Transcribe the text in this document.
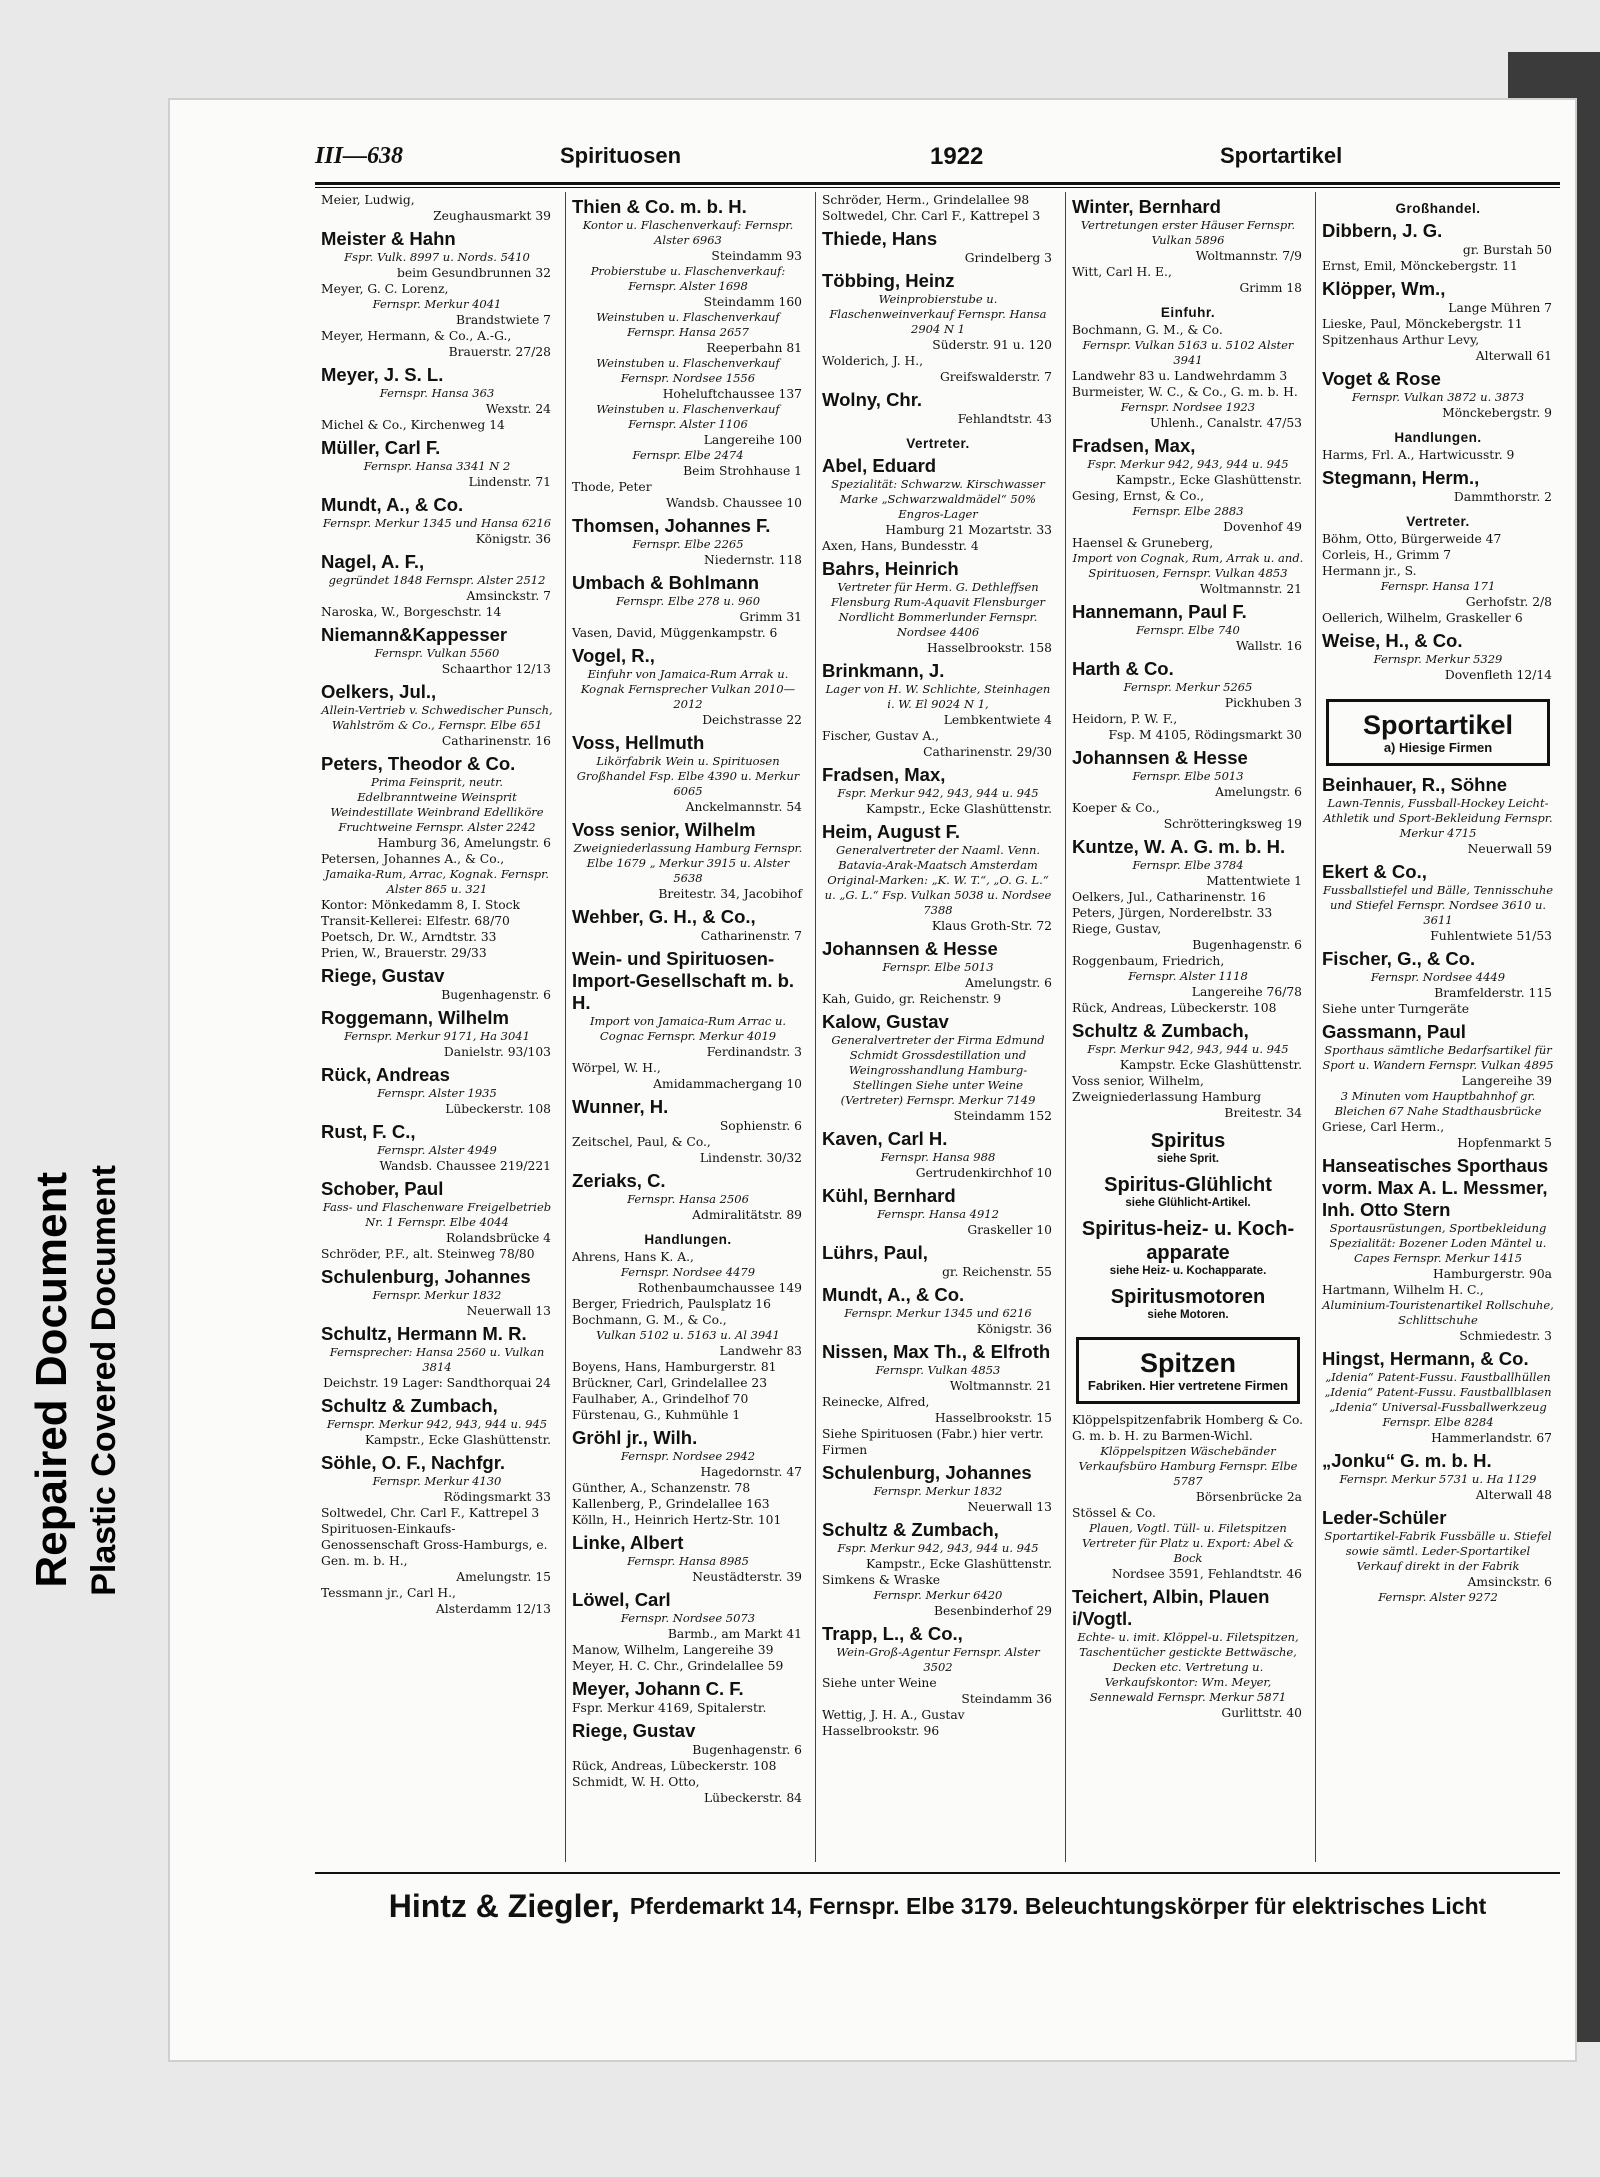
Repaired Document Plastic Covered Document
III—638	Spirituosen	1922	Sportartikel
Meier, Ludwig,
Zeughausmarkt 39
Meister & Hahn
Fspr. Vulk. 8997 u. Nords. 5410
beim Gesundbrunnen 32
Meyer, G. C. Lorenz,
Fernspr. Merkur 4041
Brandstwiete 7
Meyer, Hermann, & Co., A.-G.,
Brauerstr. 27/28
Meyer, J. S. L.
Fernspr. Hansa 363
Wexstr. 24
Michel & Co., Kirchenweg 14
Müller, Carl F.
Fernspr. Hansa 3341 N 2
Lindenstr. 71
Mundt, A., & Co.
Fernspr. Merkur 1345 und Hansa 6216
Königstr. 36
Nagel, A. F.,
gegründet 1848 Fernspr. Alster 2512
Amsinckstr. 7
Naroska, W., Borgeschstr. 14
Niemann&Kappesser
Fernspr. Vulkan 5560
Schaarthor 12/13
Oelkers, Jul.,
Allein-Vertrieb v. Schwedischer Punsch, Wahlström & Co., Fernspr. Elbe 651
Catharinenstr. 16
Peters, Theodor & Co.
Prima Feinsprit, neutr. Edelbranntweine Weinsprit Weindestillate Weinbrand Edelliköre Fruchtweine Fernspr. Alster 2242
Hamburg 36, Amelungstr. 6
Petersen, Johannes A., & Co.,
Jamaika-Rum, Arrac, Kognak. Fernspr. Alster 865 u. 321
Kontor: Mönkedamm 8, I. Stock Transit-Kellerei: Elfestr. 68/70
Poetsch, Dr. W., Arndtstr. 33
Prien, W., Brauerstr. 29/33
Riege, Gustav
Bugenhagenstr. 6
Roggemann, Wilhelm
Fernspr. Merkur 9171, Ha 3041
Danielstr. 93/103
Rück, Andreas
Fernspr. Alster 1935
Lübeckerstr. 108
Rust, F. C.,
Fernspr. Alster 4949
Wandsb. Chaussee 219/221
Schober, Paul
Fass- und Flaschenware Freigelbetrieb Nr. 1 Fernspr. Elbe 4044
Rolandsbrücke 4
Schröder, P.F., alt. Steinweg 78/80
Schulenburg, Johannes
Fernspr. Merkur 1832
Neuerwall 13
Schultz, Hermann M. R.
Fernsprecher: Hansa 2560 u. Vulkan 3814
Deichstr. 19 Lager: Sandthorquai 24
Schultz & Zumbach,
Fernspr. Merkur 942, 943, 944 u. 945
Kampstr., Ecke Glashüttenstr.
Söhle, O. F., Nachfgr.
Fernspr. Merkur 4130
Rödingsmarkt 33
Soltwedel, Chr. Carl F., Kattrepel 3
Spirituosen-Einkaufs-Genossenschaft Gross-Hamburgs, e. Gen. m. b. H.,
Amelungstr. 15
Tessmann jr., Carl H.,
Alsterdamm 12/13
Thien & Co. m. b. H.
Kontor u. Flaschenverkauf: Fernspr. Alster 6963
Steindamm 93
Probierstube u. Flaschenverkauf: Fernspr. Alster 1698
Steindamm 160
Weinstuben u. Flaschenverkauf Fernspr. Hansa 2657
Reeperbahn 81
Weinstuben u. Flaschenverkauf Fernspr. Nordsee 1556
Hoheluftchaussee 137
Weinstuben u. Flaschenverkauf Fernspr. Alster 1106
Langereihe 100
Fernspr. Elbe 2474
Beim Strohhause 1
Thode, Peter
Wandsb. Chaussee 10
Thomsen, Johannes F.
Fernspr. Elbe 2265
Niedernstr. 118
Umbach & Bohlmann
Fernspr. Elbe 278 u. 960
Grimm 31
Vasen, David, Müggenkampstr. 6
Vogel, R.,
Einfuhr von Jamaica-Rum Arrak u. Kognak Fernsprecher Vulkan 2010—2012
Deichstrasse 22
Voss, Hellmuth
Likörfabrik Wein u. Spirituosen Großhandel Fsp. Elbe 4390 u. Merkur 6065
Anckelmannstr. 54
Voss senior, Wilhelm
Zweigniederlassung Hamburg Fernspr. Elbe 1679 „ Merkur 3915 u. Alster 5638
Breitestr. 34, Jacobihof
Wehber, G. H., & Co.,
Catharinenstr. 7
Wein- und Spirituosen-Import-Gesellschaft m. b. H.
Import von Jamaica-Rum Arrac u. Cognac Fernspr. Merkur 4019
Ferdinandstr. 3
Wörpel, W. H.,
Amidammachergang 10
Wunner, H.
Sophienstr. 6
Zeitschel, Paul, & Co.,
Lindenstr. 30/32
Zeriaks, C.
Fernspr. Hansa 2506
Admiralitätstr. 89
Handlungen.
Ahrens, Hans K. A.,
Fernspr. Nordsee 4479
Rothenbaumchaussee 149
Berger, Friedrich, Paulsplatz 16
Bochmann, G. M., & Co.,
Vulkan 5102 u. 5163 u. Al 3941
Landwehr 83
Boyens, Hans, Hamburgerstr. 81
Brückner, Carl, Grindelallee 23
Faulhaber, A., Grindelhof 70
Fürstenau, G., Kuhmühle 1
Gröhl jr., Wilh.
Fernspr. Nordsee 2942
Hagedornstr. 47
Günther, A., Schanzenstr. 78
Kallenberg, P., Grindelallee 163
Kölln, H., Heinrich Hertz-Str. 101
Linke, Albert
Fernspr. Hansa 8985
Neustädterstr. 39
Löwel, Carl
Fernspr. Nordsee 5073
Barmb., am Markt 41
Manow, Wilhelm, Langereihe 39
Meyer, H. C. Chr., Grindelallee 59
Meyer, Johann C. F.
Fspr. Merkur 4169, Spitalerstr.
Riege, Gustav
Bugenhagenstr. 6
Rück, Andreas, Lübeckerstr. 108
Schmidt, W. H. Otto,
Lübeckerstr. 84
Schröder, Herm., Grindelallee 98
Soltwedel, Chr. Carl F., Kattrepel 3
Thiede, Hans
Grindelberg 3
Többing, Heinz
Weinprobierstube u. Flaschenweinverkauf Fernspr. Hansa 2904 N 1
Süderstr. 91 u. 120
Wolderich, J. H.,
Greifswalderstr. 7
Wolny, Chr.
Fehlandtstr. 43
Vertreter.
Abel, Eduard
Spezialität: Schwarzw. Kirschwasser Marke „Schwarzwaldmädel“ 50% Engros-Lager
Hamburg 21 Mozartstr. 33
Axen, Hans, Bundesstr. 4
Bahrs, Heinrich
Vertreter für Herm. G. Dethleffsen Flensburg Rum-Aquavit Flensburger Nordlicht Bommerlunder Fernspr. Nordsee 4406
Hasselbrookstr. 158
Brinkmann, J.
Lager von H. W. Schlichte, Steinhagen i. W. El 9024 N 1,
Lembkentwiete 4
Fischer, Gustav A.,
Catharinenstr. 29/30
Fradsen, Max,
Fspr. Merkur 942, 943, 944 u. 945
Kampstr., Ecke Glashüttenstr.
Heim, August F.
Generalvertreter der Naaml. Venn. Batavia-Arak-Maatsch Amsterdam Original-Marken: „K. W. T.“, „O. G. L.“ u. „G. L.“ Fsp. Vulkan 5038 u. Nordsee 7388
Klaus Groth-Str. 72
Johannsen & Hesse
Fernspr. Elbe 5013
Amelungstr. 6
Kah, Guido, gr. Reichenstr. 9
Kalow, Gustav
Generalvertreter der Firma Edmund Schmidt Grossdestillation und Weingrosshandlung Hamburg-Stellingen Siehe unter Weine (Vertreter) Fernspr. Merkur 7149
Steindamm 152
Kaven, Carl H.
Fernspr. Hansa 988
Gertrudenkirchhof 10
Kühl, Bernhard
Fernspr. Hansa 4912
Graskeller 10
Lührs, Paul,
gr. Reichenstr. 55
Mundt, A., & Co.
Fernspr. Merkur 1345 und 6216
Königstr. 36
Nissen, Max Th., & Elfroth
Fernspr. Vulkan 4853
Woltmannstr. 21
Reinecke, Alfred,
Hasselbrookstr. 15
Siehe Spirituosen (Fabr.) hier vertr. Firmen
Schulenburg, Johannes
Fernspr. Merkur 1832
Neuerwall 13
Schultz & Zumbach,
Fspr. Merkur 942, 943, 944 u. 945
Kampstr., Ecke Glashüttenstr.
Simkens & Wraske
Fernspr. Merkur 6420
Besenbinderhof 29
Trapp, L., & Co.,
Wein-Groß-Agentur Fernspr. Alster 3502
Siehe unter Weine
Steindamm 36
Wettig, J. H. A., Gustav Hasselbrookstr. 96
Winter, Bernhard
Vertretungen erster Häuser Fernspr. Vulkan 5896
Woltmannstr. 7/9
Witt, Carl H. E.,
Grimm 18
Einfuhr.
Bochmann, G. M., & Co.
Fernspr. Vulkan 5163 u. 5102 Alster 3941
Landwehr 83 u. Landwehrdamm 3
Burmeister, W. C., & Co., G. m. b. H.
Fernspr. Nordsee 1923
Uhlenh., Canalstr. 47/53
Fradsen, Max,
Fspr. Merkur 942, 943, 944 u. 945
Kampstr., Ecke Glashüttenstr.
Gesing, Ernst, & Co.,
Fernspr. Elbe 2883
Dovenhof 49
Haensel & Gruneberg,
Import von Cognak, Rum, Arrak u. and. Spirituosen, Fernspr. Vulkan 4853
Woltmannstr. 21
Hannemann, Paul F.
Fernspr. Elbe 740
Wallstr. 16
Harth & Co.
Fernspr. Merkur 5265
Pickhuben 3
Heidorn, P. W. F.,
Fsp. M 4105, Rödingsmarkt 30
Johannsen & Hesse
Fernspr. Elbe 5013
Amelungstr. 6
Koeper & Co.,
Schrötteringksweg 19
Kuntze, W. A. G. m. b. H.
Fernspr. Elbe 3784
Mattentwiete 1
Oelkers, Jul., Catharinenstr. 16
Peters, Jürgen, Norderelbstr. 33
Riege, Gustav,
Bugenhagenstr. 6
Roggenbaum, Friedrich,
Fernspr. Alster 1118
Langereihe 76/78
Rück, Andreas, Lübeckerstr. 108
Schultz & Zumbach,
Fspr. Merkur 942, 943, 944 u. 945
Kampstr. Ecke Glashüttenstr.
Voss senior, Wilhelm, Zweigniederlassung Hamburg
Breitestr. 34
Spiritus
siehe Sprit.
Spiritus-Glühlicht
siehe Glühlicht-Artikel.
Spiritus-heiz- u. Koch-apparate
siehe Heiz- u. Kochapparate.
Spiritusmotoren
siehe Motoren.
Spitzen
Fabriken. Hier vertretene Firmen
Klöppelspitzenfabrik Homberg & Co. G. m. b. H. zu Barmen-Wichl.
Klöppelspitzen Wäschebänder Verkaufsbüro Hamburg Fernspr. Elbe 5787
Börsenbrücke 2a
Stössel & Co.
Plauen, Vogtl. Tüll- u. Filetspitzen Vertreter für Platz u. Export: Abel & Bock
Nordsee 3591, Fehlandtstr. 46
Teichert, Albin, Plauen i/Vogtl.
Echte- u. imit. Klöppel-u. Filetspitzen, Taschentücher gestickte Bettwäsche, Decken etc. Vertretung u. Verkaufskontor: Wm. Meyer, Sennewald Fernspr. Merkur 5871
Gurlittstr. 40
Großhandel.
Dibbern, J. G.
gr. Burstah 50
Ernst, Emil, Mönckebergstr. 11
Klöpper, Wm.,
Lange Mühren 7
Lieske, Paul, Mönckebergstr. 11
Spitzenhaus Arthur Levy,
Alterwall 61
Voget & Rose
Fernspr. Vulkan 3872 u. 3873
Mönckebergstr. 9
Handlungen.
Harms, Frl. A., Hartwicusstr. 9
Stegmann, Herm.,
Dammthorstr. 2
Vertreter.
Böhm, Otto, Bürgerweide 47
Corleis, H., Grimm 7
Hermann jr., S.
Fernspr. Hansa 171
Gerhofstr. 2/8
Oellerich, Wilhelm, Graskeller 6
Weise, H., & Co.
Fernspr. Merkur 5329
Dovenfleth 12/14
Sportartikel
a) Hiesige Firmen
Beinhauer, R., Söhne
Lawn-Tennis, Fussball-Hockey Leicht-Athletik und Sport-Bekleidung Fernspr. Merkur 4715
Neuerwall 59
Ekert & Co.,
Fussballstiefel und Bälle, Tennisschuhe und Stiefel Fernspr. Nordsee 3610 u. 3611
Fuhlentwiete 51/53
Fischer, G., & Co.
Fernspr. Nordsee 4449
Bramfelderstr. 115
Siehe unter Turngeräte
Gassmann, Paul
Sporthaus sämtliche Bedarfsartikel für Sport u. Wandern Fernspr. Vulkan 4895
Langereihe 39
3 Minuten vom Hauptbahnhof gr. Bleichen 67 Nahe Stadthausbrücke
Griese, Carl Herm.,
Hopfenmarkt 5
Hanseatisches Sporthaus vorm. Max A. L. Messmer, Inh. Otto Stern
Sportausrüstungen, Sportbekleidung Spezialität: Bozener Loden Mäntel u. Capes Fernspr. Merkur 1415
Hamburgerstr. 90a
Hartmann, Wilhelm H. C.,
Aluminium-Touristenartikel Rollschuhe, Schlittschuhe
Schmiedestr. 3
Hingst, Hermann, & Co.
„Idenia“ Patent-Fussu. Faustballhüllen „Idenia“ Patent-Fussu. Faustballblasen „Idenia“ Universal-Fussballwerkzeug Fernspr. Elbe 8284
Hammerlandstr. 67
„Jonku“ G. m. b. H.
Fernspr. Merkur 5731 u. Ha 1129
Alterwall 48
Leder-Schüler
Sportartikel-Fabrik Fussbälle u. Stiefel sowie sämtl. Leder-Sportartikel Verkauf direkt in der Fabrik
Amsinckstr. 6
Fernspr. Alster 9272
Hintz & Ziegler, Pferdemarkt 14, Fernspr. Elbe 3179. Beleuchtungskörper für elektrisches Licht
